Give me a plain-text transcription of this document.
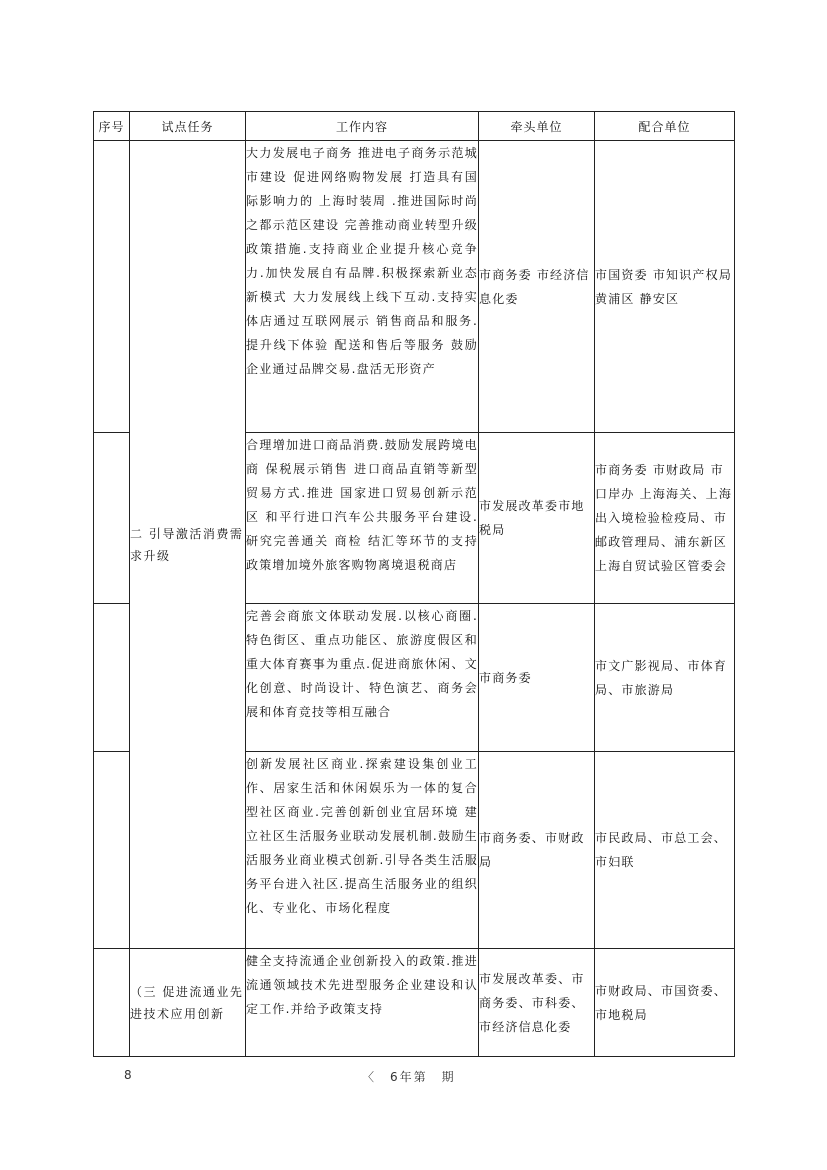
序号	试点任务	工作内容	牵头单位	配合单位
	二 引导激活消费需求升级	大力发展电子商务 推进电子商务示范城市建设 促进网络购物发展 打造具有国际影响力的 上海时装周 .推进国际时尚之都示范区建设 完善推动商业转型升级政策措施.支持商业企业提升核心竞争力.加快发展自有品牌.积极探索新业态 新模式 大力发展线上线下互动.支持实体店通过互联网展示 销售商品和服务.提升线下体验 配送和售后等服务 鼓励企业通过品牌交易.盘活无形资产	市商务委 市经济信息化委	市国资委 市知识产权局 黄浦区 静安区
		合理增加进口商品消费.鼓励发展跨境电商 保税展示销售 进口商品直销等新型贸易方式.推进 国家进口贸易创新示范区 和平行进口汽车公共服务平台建设.研究完善通关 商检 结汇等环节的支持政策增加境外旅客购物离境退税商店	市发展改革委市地税局	市商务委 市财政局 市口岸办 上海海关、上海出入境检验检疫局、市邮政管理局、浦东新区 上海自贸试验区管委会
		完善会商旅文体联动发展.以核心商圈.特色街区、重点功能区、旅游度假区和重大体育赛事为重点.促进商旅休闲、文化创意、时尚设计、特色演艺、商务会展和体育竞技等相互融合	市商务委	市文广影视局、市体育局、市旅游局
		创新发展社区商业.探索建设集创业工作、居家生活和休闲娱乐为一体的复合型社区商业.完善创新创业宜居环境 建立社区生活服务业联动发展机制.鼓励生活服务业商业模式创新.引导各类生活服务平台进入社区.提高生活服务业的组织化、专业化、市场化程度	市商务委、市财政局	市民政局、市总工会、市妇联
	（三 促进流通业先进技术应用创新	健全支持流通企业创新投入的政策.推进流通领域技术先进型服务企业建设和认定工作.并给予政策支持	市发展改革委、市商务委、市科委、市经济信息化委	市财政局、市国资委、市地税局
8	〈　6年第　期
